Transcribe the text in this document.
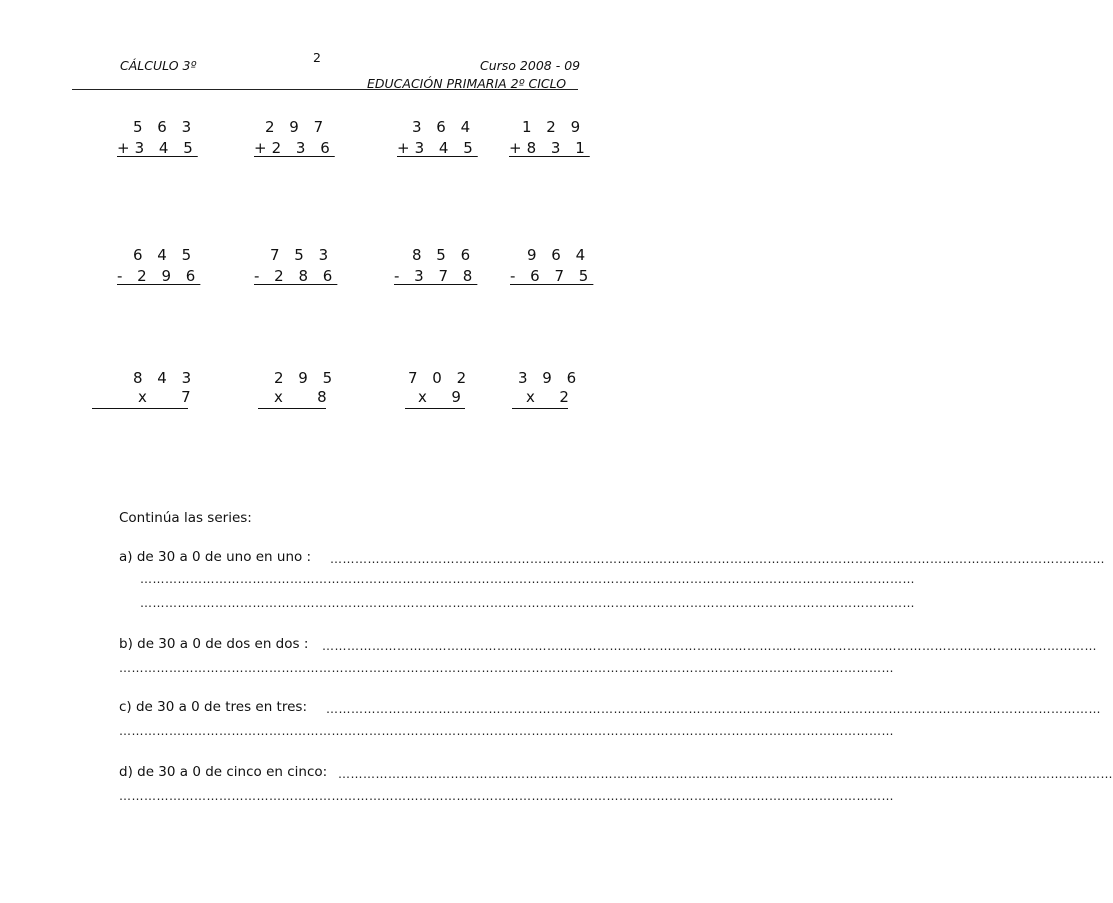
CÁLCULO 3º
2
Curso 2008 - 09
EDUCACIÓN PRIMARIA 2º CICLO
5 6 3
+3 4 5
2 9 7
+2 3 6
3 6 4
+3 4 5
1 2 9
+8 3 1
6 4 5
- 2 9 6
7 5 3
- 2 8 6
8 5 6
- 3 7 8
9 6 4
- 6 7 5
8 4 3
x   7
2 9 5
x   8
7 0 2
x  9
3 9 6
x  2
Continúa las series:
a) de 30 a 0 de uno en uno : ……………………………………………………………………………………………………………………………………………………………………
……………………………………………………………………………………………………………………………………………………………………
……………………………………………………………………………………………………………………………………………………………………
b) de 30 a 0 de dos en dos : ……………………………………………………………………………………………………………………………………………………………………
……………………………………………………………………………………………………………………………………………………………………
c) de 30 a 0 de tres en tres: ……………………………………………………………………………………………………………………………………………………………………
……………………………………………………………………………………………………………………………………………………………………
d) de 30 a 0 de cinco en cinco: ……………………………………………………………………………………………………………………………………………………………………
……………………………………………………………………………………………………………………………………………………………………
